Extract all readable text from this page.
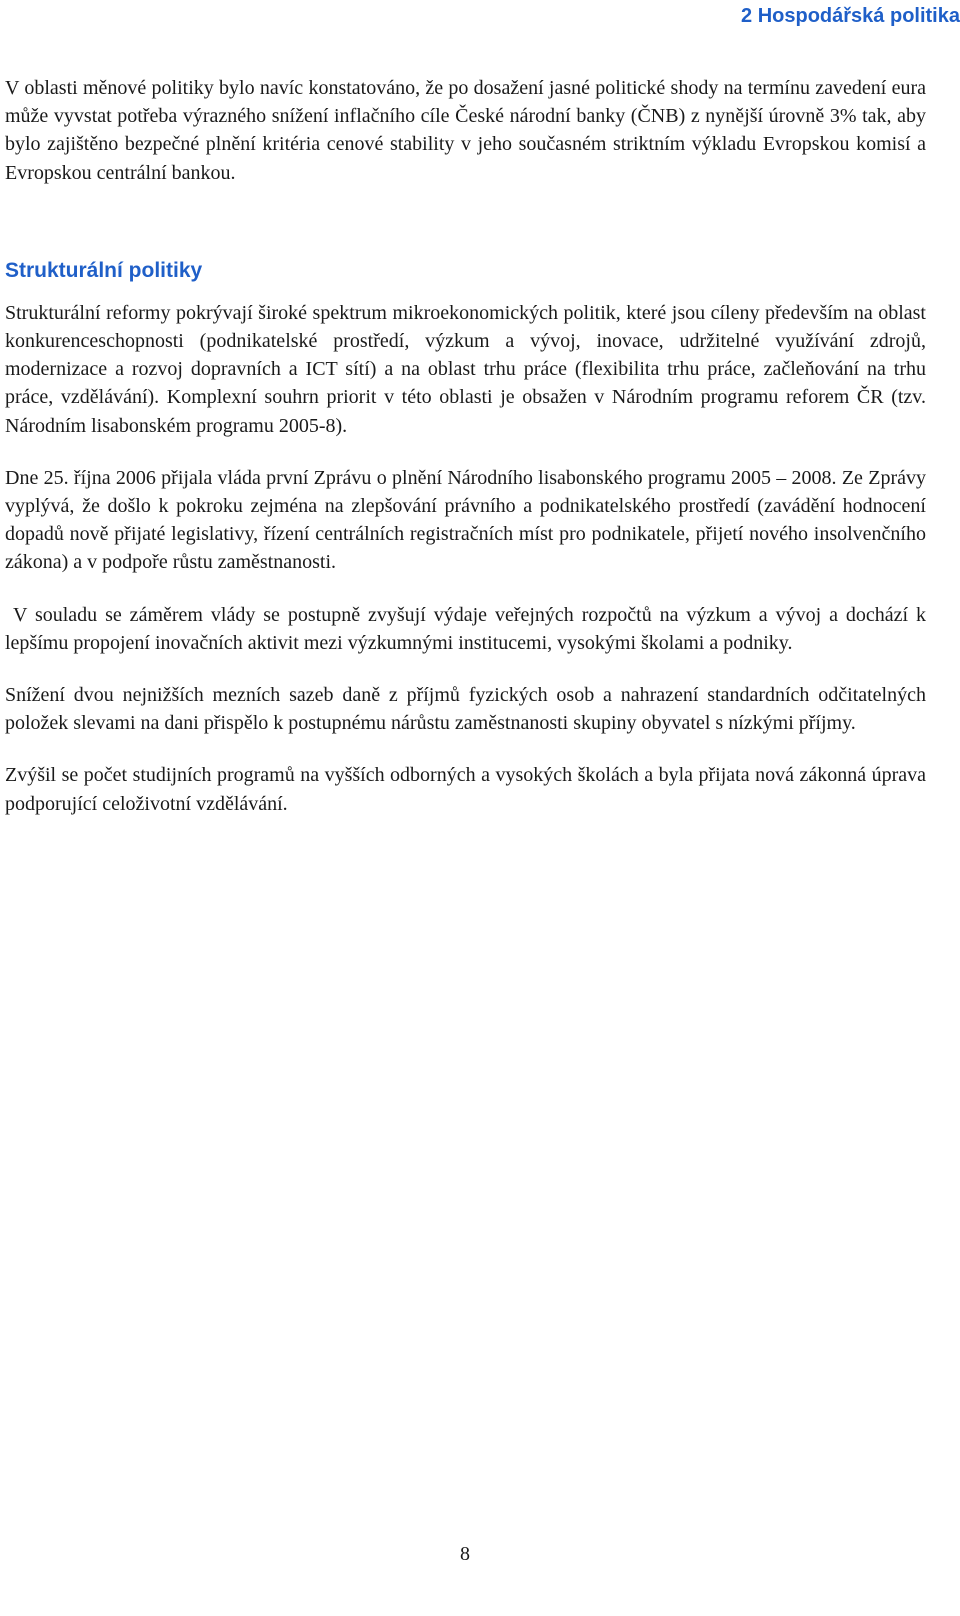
2 Hospodářská politika

V oblasti měnové politiky bylo navíc konstatováno, že po dosažení jasné politické shody na termínu zavedení eura může vyvstat potřeba výrazného snížení inflačního cíle České národní banky (ČNB) z nynější úrovně 3% tak, aby bylo zajištěno bezpečné plnění kritéria cenové stability v jeho současném striktním výkladu Evropskou komisí a Evropskou centrální bankou.

Strukturální politiky

Strukturální reformy pokrývají široké spektrum mikroekonomických politik, které jsou cíleny především na oblast konkurenceschopnosti (podnikatelské prostředí, výzkum a vývoj, inovace, udržitelné využívání zdrojů, modernizace a rozvoj dopravních a ICT sítí) a na oblast trhu práce (flexibilita trhu práce, začleňování na trhu práce, vzdělávání). Komplexní souhrn priorit v této oblasti je obsažen v Národním programu reforem ČR (tzv. Národním lisabonském programu 2005-8).

Dne 25. října 2006 přijala vláda první Zprávu o plnění Národního lisabonského programu 2005 – 2008. Ze Zprávy vyplývá, že došlo k pokroku zejména na zlepšování právního a podnikatelského prostředí (zavádění hodnocení dopadů nově přijaté legislativy, řízení centrálních registračních míst pro podnikatele, přijetí nového insolvenčního zákona) a v podpoře růstu zaměstnanosti.

V souladu se záměrem vlády se postupně zvyšují výdaje veřejných rozpočtů na výzkum a vývoj a dochází k lepšímu propojení inovačních aktivit mezi výzkumnými institucemi, vysokými školami a podniky.

Snížení dvou nejnižších mezních sazeb daně z příjmů fyzických osob a nahrazení standardních odčitatelných položek slevami na dani přispělo k postupnému nárůstu zaměstnanosti skupiny obyvatel s nízkými příjmy.

Zvýšil se počet studijních programů na vyšších odborných a vysokých školách a byla přijata nová zákonná úprava podporující celoživotní vzdělávání.

8
